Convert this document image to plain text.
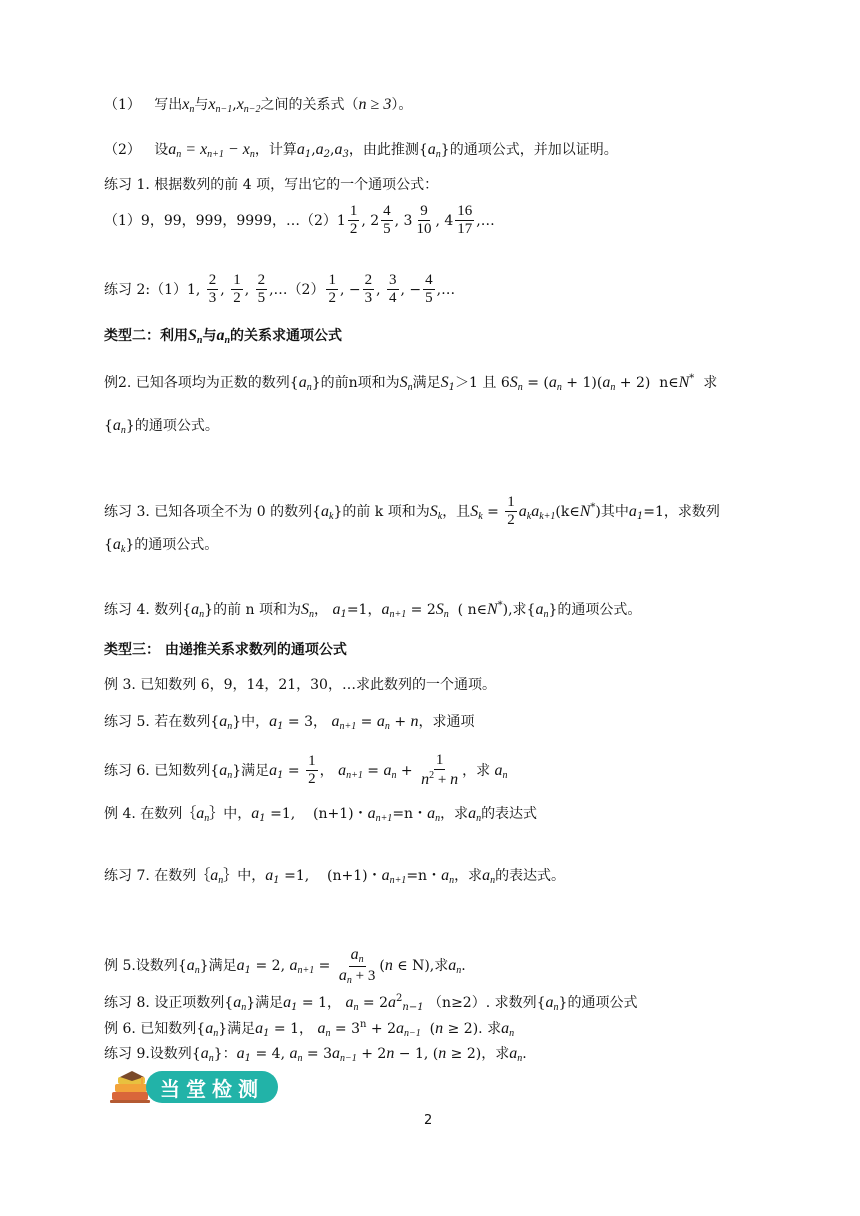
（1）   写出$x_n$与$x_{n-1},x_{n-2}$之间的关系式（n ≥ 3）。
（2）   设$a_n = x_{n+1} - x_n$，计算$a_1,a_2,a_3$，由此推测$\{a_n\}$的通项公式，并加以证明。
练习 1. 根据数列的前 4 项，写出它的一个通项公式：
（1）9，99，999，9999，…（2）1 $\frac{1}{2}$ , $2 \frac{4}{5}$ , $3 \frac{9}{10}$ , $4 \frac{16}{17}$ ,…
练习 2:（1）1, $\frac{2}{3}$ , $\frac{1}{2}$ , $\frac{2}{5}$ ,…（2） $\frac{1}{2}$ , − $\frac{2}{3}$ , $\frac{3}{4}$ , − $\frac{4}{5}$ ,…
类型二：利用$S_n$与$a_n$的关系求通项公式
例2. 已知各项均为正数的数列$\{a_n\}$的前n项和为$S_n$满足$S_1>1$ 且 $6S_n = (a_n + 1)(a_n + 2)$  n∈N* 求
$\{a_n\}$的通项公式。
练习 3. 已知各项全不为 0 的数列$\{a_k\}$的前 k 项和为$S_k$，且$S_k = \frac{1}{2}$ $a_ka_{k+1}(k\in N^*)$其中$a_1=1$，求数列
$\{a_k\}$的通项公式。
练习 4. 数列$\{a_n\}$的前 n 项和为$S_n$， $a_1=1$，$a_{n+1} = 2S_n$ ( n∈N*),求$\{a_n\}$的通项公式。
类型三： 由递推关系求数列的通项公式
例 3. 已知数列 6，9，14，21，30，…求此数列的一个通项。
练习 5. 若在数列$\{a_n\}$中，$a_1 = 3$， $a_{n+1} = a_n + n$，求通项
练习 6. 已知数列$\{a_n\}$满足$a_1 = \frac{1}{2}$ ， $a_{n+1} = a_n + \frac{1}{n^2 + n}$ ，求 $a_n$
例 4. 在数列$\{a_n\}$中，$a_1 =1$,    (n+1)・$a_{n+1}=n$・$a_n$，求$a_n$的表达式
练习 7. 在数列$\{a_n\}$中，$a_1 =1$,    (n+1)・$a_{n+1}=n$・$a_n$，求$a_n$的表达式。
例 5.设数列$\{a_n\}$满足$a_1 = 2$, $a_{n+1} = \frac{a_n}{a_n + 3} (n$ ∈ N),求$a_n$.
练习 8. 设正项数列$\{a_n\}$满足$a_1 = 1$， $a_n = 2a^2_{n-1}$ （n≥2）. 求数列$\{a_n\}$的通项公式
例 6. 已知数列$\{a_n\}$满足$a_1 = 1$， $a_n = 3^n + 2a_{n-1}$  (n ≥ 2). 求$a_n$
练习 9.设数列$\{a_n\}$：$a_1 = 4$, $a_n = 3a_{n-1} + 2n - 1$, (n ≥ 2)，求$a_n$.
当堂检测
2
